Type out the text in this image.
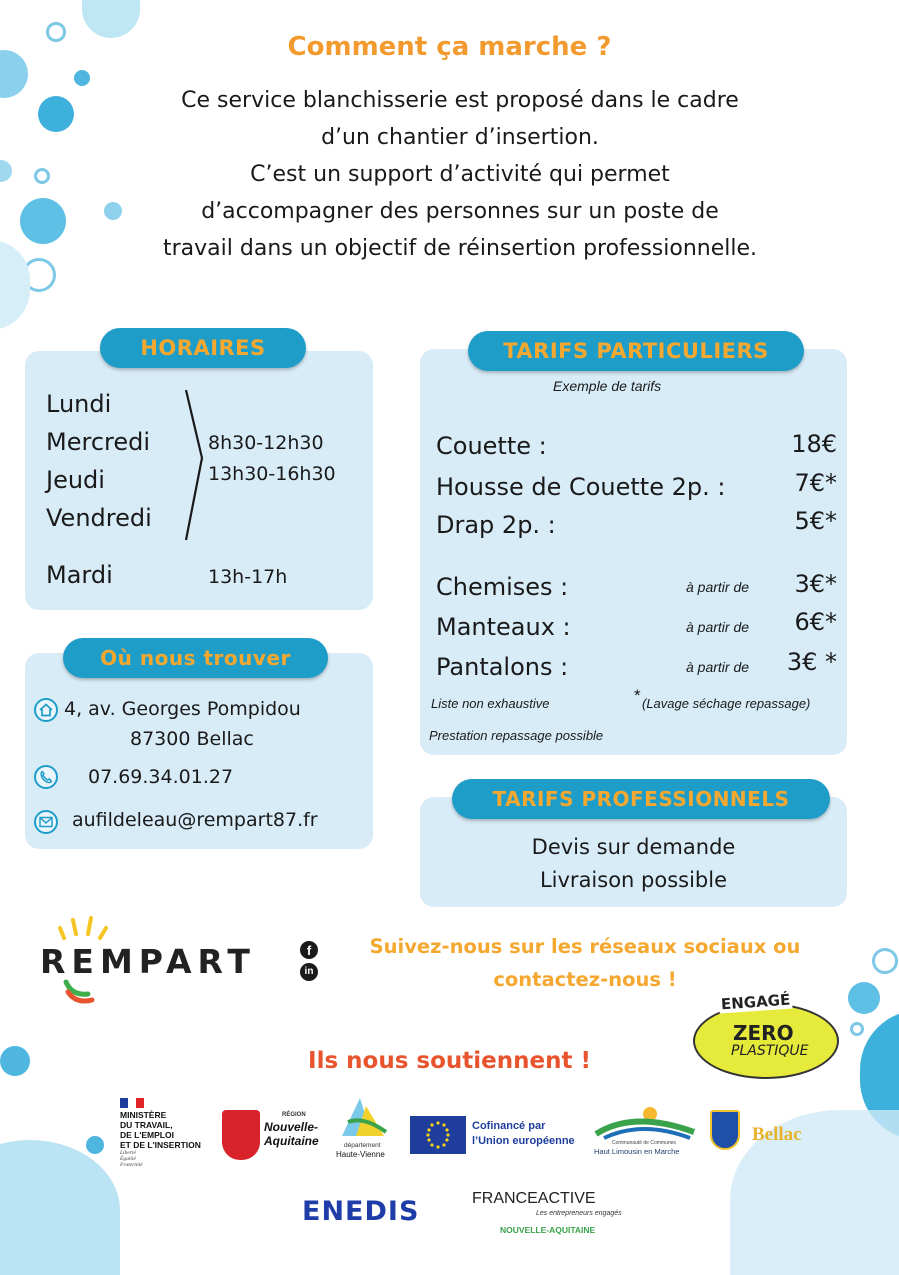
Comment ça marche ?
Ce service blanchisserie est proposé dans le cadre
d’un chantier d’insertion.
C’est un support d’activité qui permet
d’accompagner des personnes sur un poste de
travail dans un objectif de réinsertion professionnelle.
HORAIRES
Lundi
Mercredi
Jeudi
Vendredi
8h30-12h30
13h30-16h30
Mardi	13h-17h
Où nous trouver
4, av. Georges Pompidou
87300 Bellac
07.69.34.01.27
aufildeleau@rempart87.fr
TARIFS PARTICULIERS
Exemple de tarifs
Couette :	18€
Housse de Couette 2p. :	7€*
Drap 2p. :	5€*
Chemises :	à partir de 3€*
Manteaux :	à partir de 6€*
Pantalons :	à partir de 3€ *
Liste non exhaustive	* (Lavage séchage repassage)
Prestation repassage possible
TARIFS PROFESSIONNELS
Devis sur demande
Livraison possible
REMPART	f
in
Suivez-nous sur les réseaux sociaux ou
contactez-nous !
ENGAGÉ
ZERO
PLASTIQUE
Ils nous soutiennent !
MINISTÈRE
DU TRAVAIL,
DE L'EMPLOI
ET DE L'INSERTION
Liberté
Égalité
Fraternité
RÉGION
Nouvelle-
Aquitaine	département
Haute-Vienne
Cofinancé par
l’Union européenne	Communauté de Communes
Haut Limousin en Marche
Bellac
ENEDIS	FRANCEACTIVE
Les entrepreneurs engagés
NOUVELLE-AQUITAINE
